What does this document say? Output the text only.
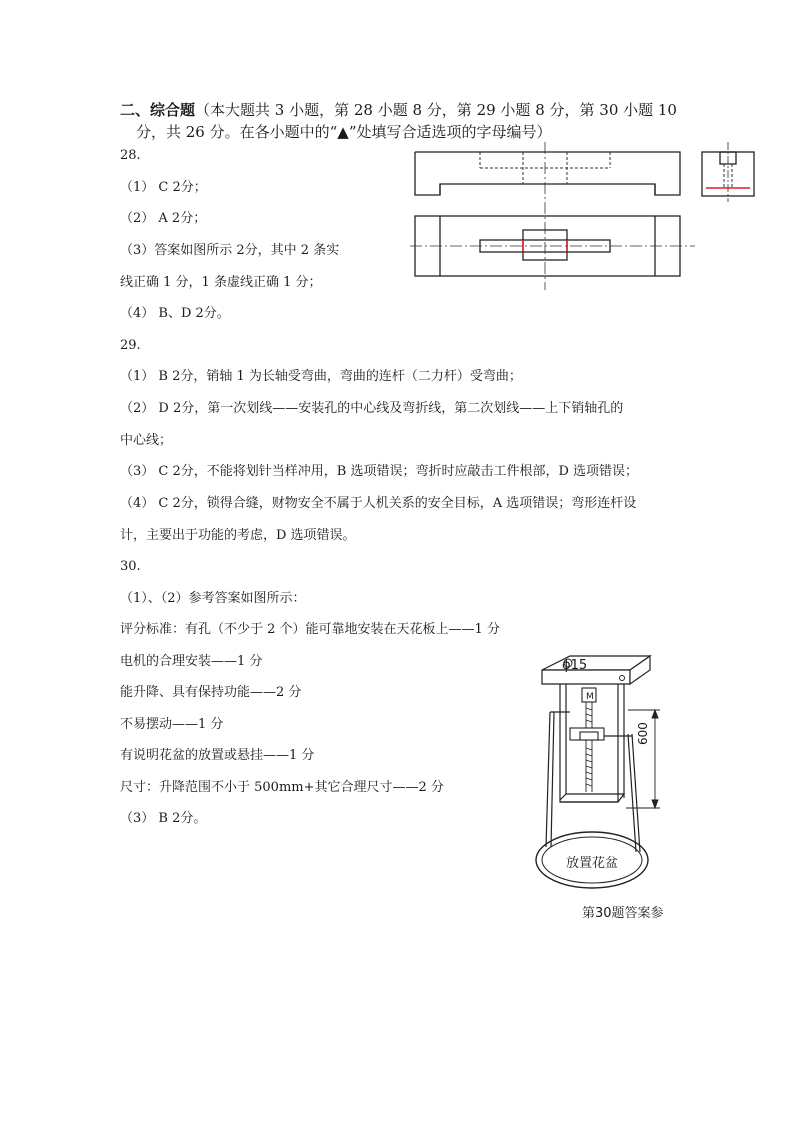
二、综合题（本大题共 3 小题，第 28 小题 8 分，第 29 小题 8 分，第 30 小题 10
分，共 26 分。在各小题中的“▲”处填写合适选项的字母编号）
28.
（1） C 2分；
（2） A 2分；
（3）答案如图所示 2分，其中 2 条实
线正确 1 分，1 条虚线正确 1 分；
（4） B、D 2分。
29.
（1） B 2分，销轴 1 为长轴受弯曲，弯曲的连杆（二力杆）受弯曲；
（2） D 2分，第一次划线——安装孔的中心线及弯折线，第二次划线——上下销轴孔的
中心线；
（3） C 2分，不能将划针当样冲用，B 选项错误；弯折时应敲击工件根部，D 选项错误；
（4） C 2分，锁得合缝，财物安全不属于人机关系的安全目标，A 选项错误；弯形连杆设
计，主要出于功能的考虑，D 选项错误。
30.
（1）、（2）参考答案如图所示：
评分标准：有孔（不少于 2 个）能可靠地安装在天花板上——1 分
电机的合理安装——1 分
能升降、具有保持功能——2 分
不易摆动——1 分
有说明花盆的放置或悬挂——1 分
尺寸：升降范围不小于 500mm+其它合理尺寸——2 分
（3） B 2分。
ϕ15
M
600
放置花盆
第30题答案参
